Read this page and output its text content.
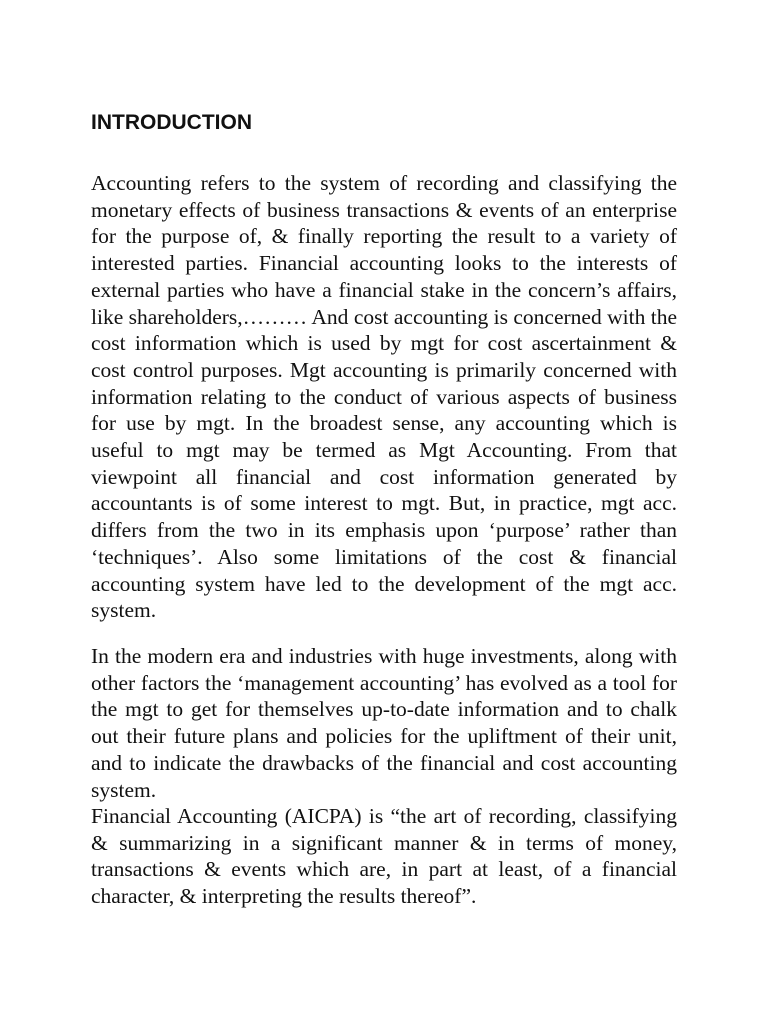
INTRODUCTION

Accounting refers to the system of recording and classifying the monetary effects of business transactions & events of an enterprise for the purpose of, & finally reporting the result to a variety of interested parties. Financial accounting looks to the interests of external parties who have a financial stake in the concern’s affairs, like shareholders,……… And cost accounting is concerned with the cost information which is used by mgt for cost ascertainment & cost control purposes. Mgt accounting is primarily concerned with information relating to the conduct of various aspects of business for use by mgt. In the broadest sense, any accounting which is useful to mgt may be termed as Mgt Accounting. From that viewpoint all financial and cost information generated by accountants is of some interest to mgt. But, in practice, mgt acc. differs from the two in its emphasis upon ‘purpose’ rather than ‘techniques’. Also some limitations of the cost & financial accounting system have led to the development of the mgt acc. system.

In the modern era and industries with huge investments, along with other factors the ‘management accounting’ has evolved as a tool for the mgt to get for themselves up-to-date information and to chalk out their future plans and policies for the upliftment of their unit, and to indicate the drawbacks of the financial and cost accounting system.

Financial Accounting (AICPA) is “the art of recording, classifying & summarizing in a significant manner & in terms of money, transactions & events which are, in part at least, of a financial character, & interpreting the results thereof”.
